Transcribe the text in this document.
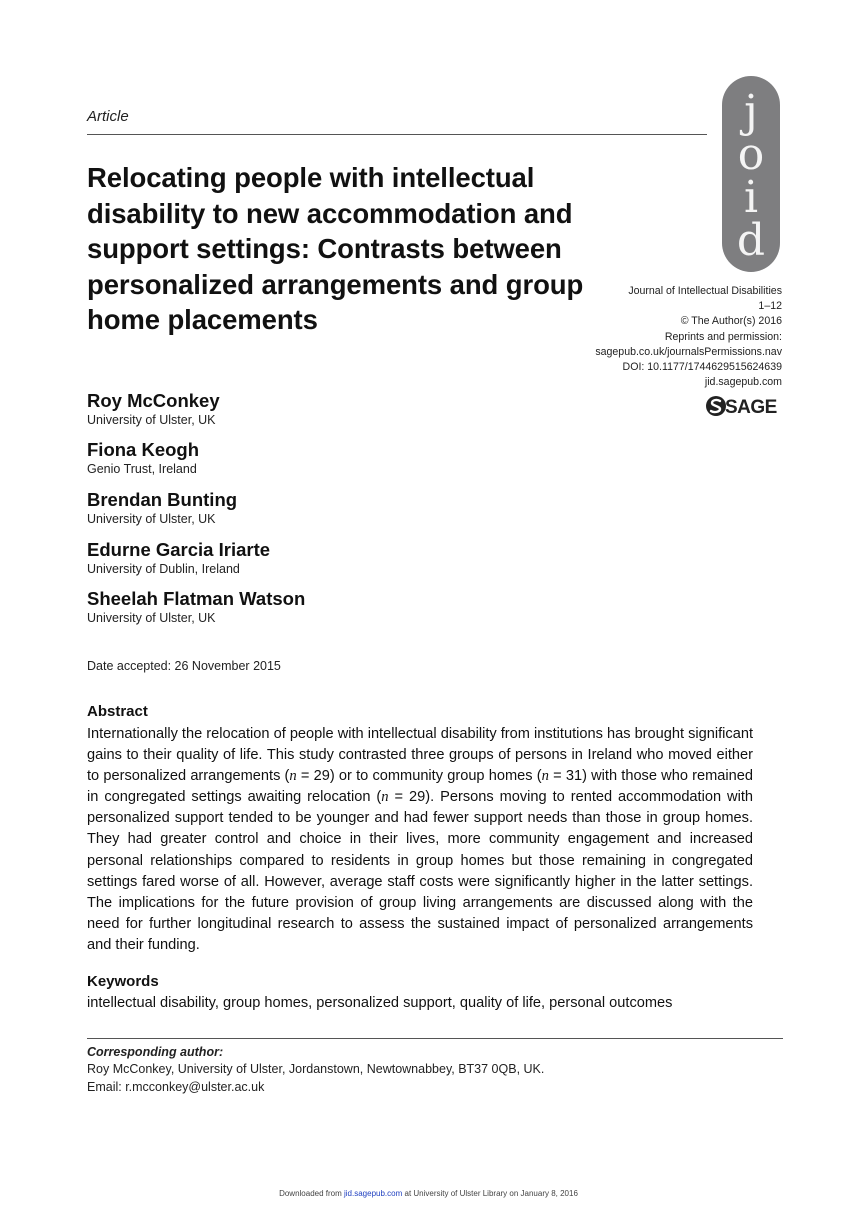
Article	j
o
i
d
Relocating people with intellectual disability to new accommodation and support settings: Contrasts between personalized arrangements and group home placements
Journal of Intellectual Disabilities
1–12
© The Author(s) 2016
Reprints and permission:
sagepub.co.uk/journalsPermissions.nav
DOI: 10.1177/1744629515624639
jid.sagepub.com
SAGE
Roy McConkey
University of Ulster, UK
Fiona Keogh
Genio Trust, Ireland
Brendan Bunting
University of Ulster, UK
Edurne Garcia Iriarte
University of Dublin, Ireland
Sheelah Flatman Watson
University of Ulster, UK
Date accepted: 26 November 2015
Abstract
Internationally the relocation of people with intellectual disability from institutions has brought significant gains to their quality of life. This study contrasted three groups of persons in Ireland who moved either to personalized arrangements (n = 29) or to community group homes (n = 31) with those who remained in congregated settings awaiting relocation (n = 29). Persons moving to rented accommodation with personalized support tended to be younger and had fewer support needs than those in group homes. They had greater control and choice in their lives, more community engagement and increased personal relationships compared to residents in group homes but those remaining in congregated settings fared worse of all. However, average staff costs were significantly higher in the latter settings. The implications for the future provision of group living arrangements are discussed along with the need for further longitudinal research to assess the sustained impact of personalized arrangements and their funding.
Keywords
intellectual disability, group homes, personalized support, quality of life, personal outcomes
Corresponding author:
Roy McConkey, University of Ulster, Jordanstown, Newtownabbey, BT37 0QB, UK.
Email: r.mcconkey@ulster.ac.uk
Downloaded from jid.sagepub.com at University of Ulster Library on January 8, 2016
